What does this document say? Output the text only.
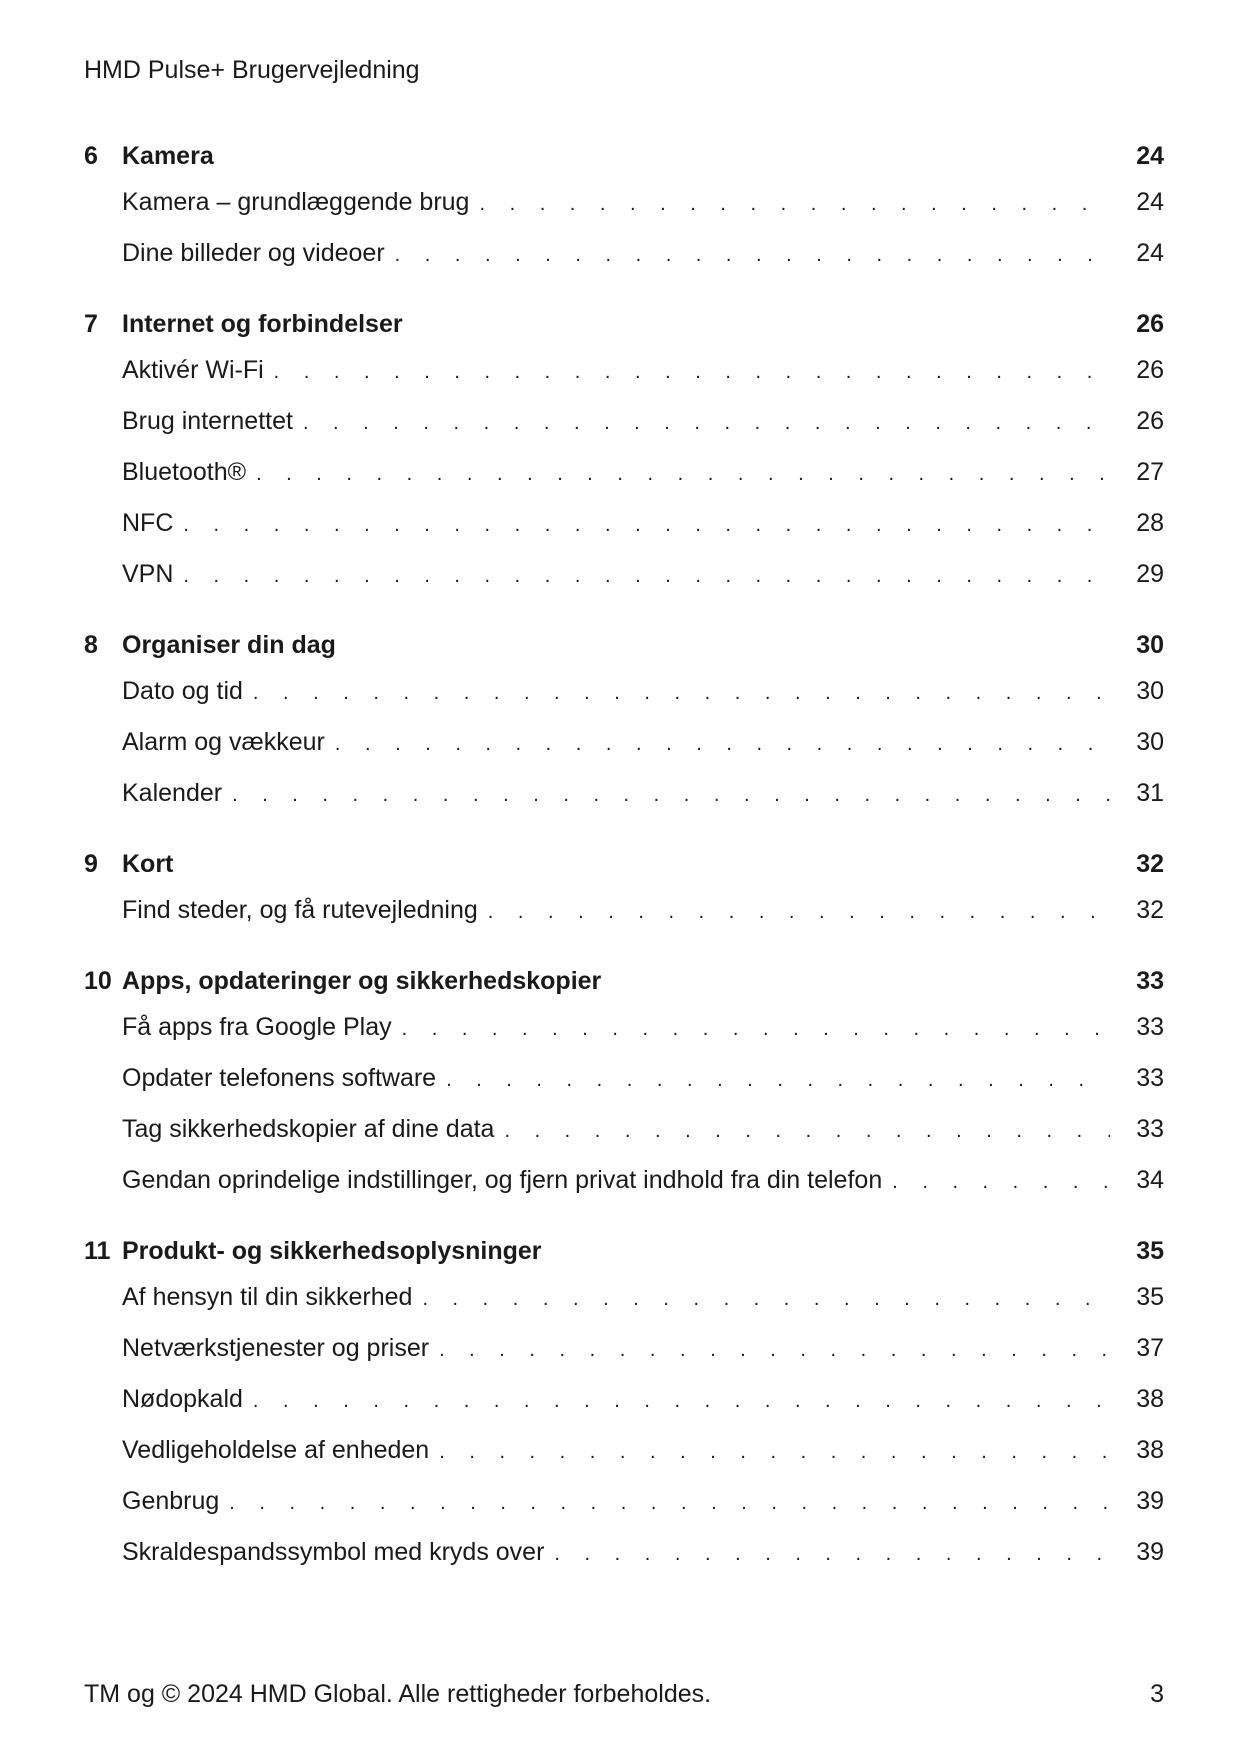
HMD Pulse+ Brugervejledning
6 Kamera	24
Kamera – grundlæggende brug . . .	24
Dine billeder og videoer . . .	24
7 Internet og forbindelser	26
Aktivér Wi-Fi . . .	26
Brug internettet . . .	26
Bluetooth® . . .	27
NFC . . .	28
VPN . . .	29
8 Organiser din dag	30
Dato og tid . . .	30
Alarm og vækkeur . . .	30
Kalender . . .	31
9 Kort	32
Find steder, og få rutevejledning . . .	32
10 Apps, opdateringer og sikkerhedskopier	33
Få apps fra Google Play . . .	33
Opdater telefonens software . . .	33
Tag sikkerhedskopier af dine data . . .	33
Gendan oprindelige indstillinger, og fjern privat indhold fra din telefon . . .	34
11 Produkt- og sikkerhedsoplysninger	35
Af hensyn til din sikkerhed . . .	35
Netværkstjenester og priser . . .	37
Nødopkald . . .	38
Vedligeholdelse af enheden . . .	38
Genbrug . . .	39
Skraldespandssymbol med kryds over . . .	39
TM og © 2024 HMD Global. Alle rettigheder forbeholdes.	3
